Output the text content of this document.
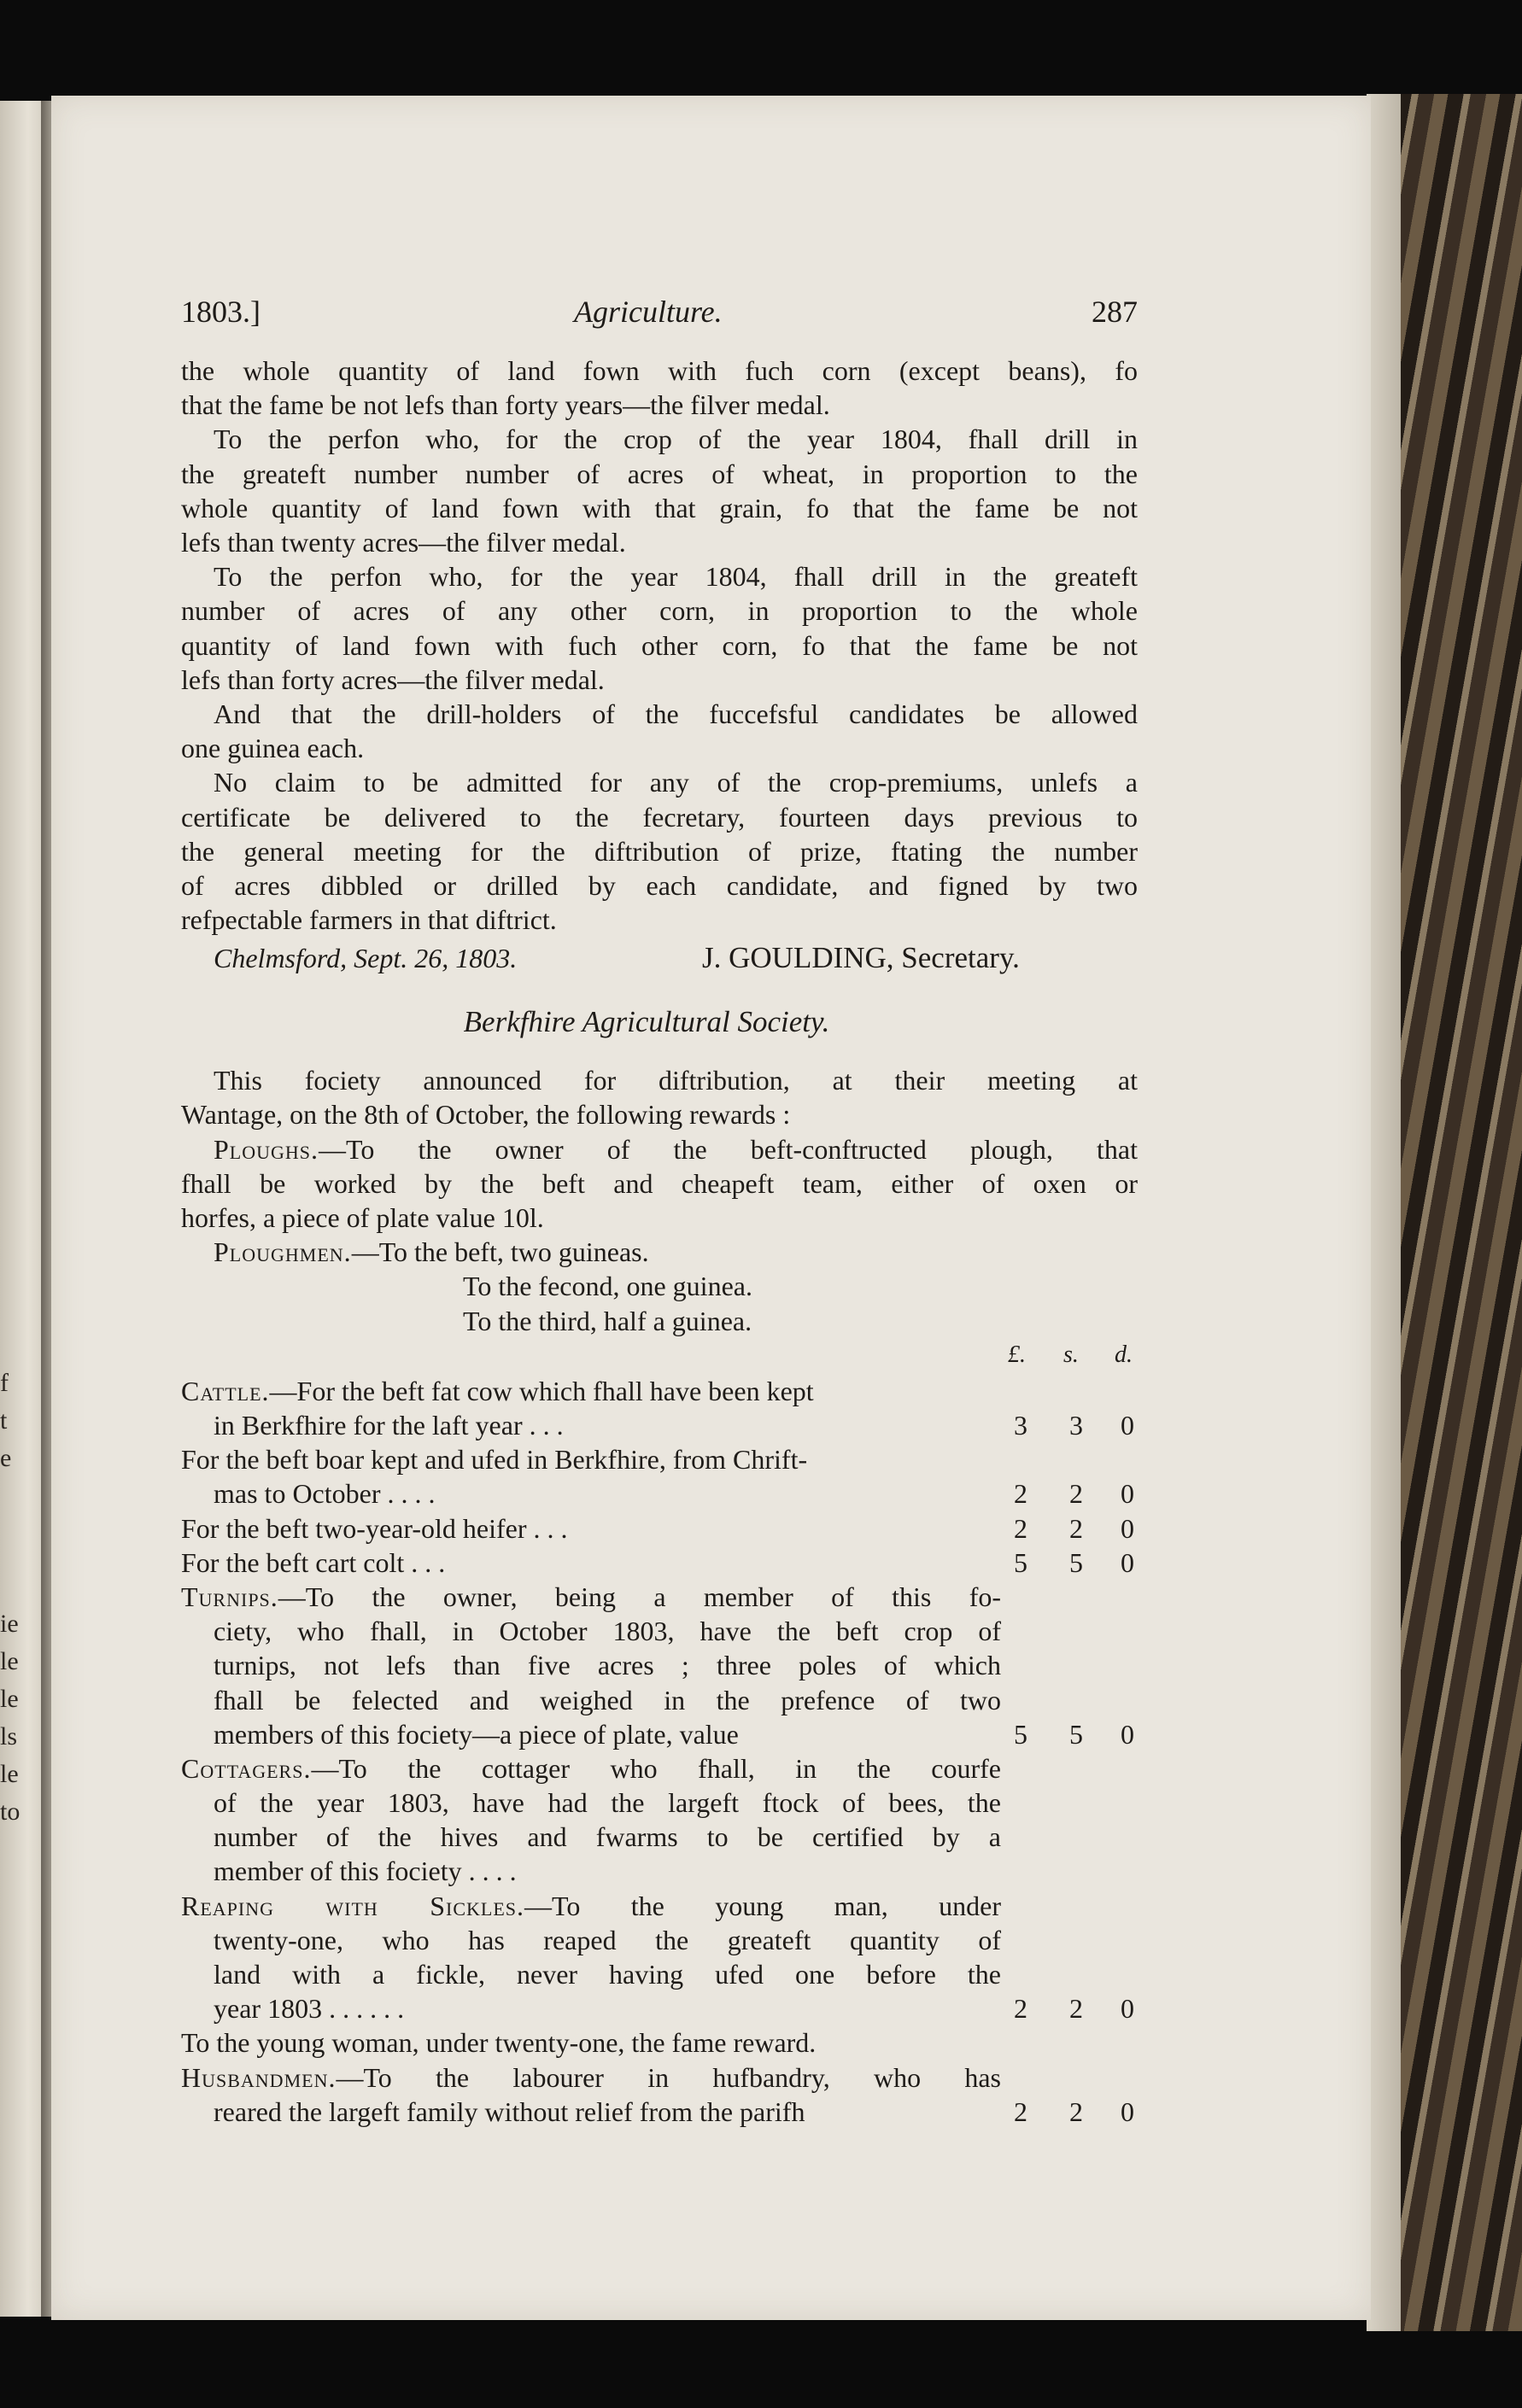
f
t
e
ie
le
le
ls
le
to
1803.]	Agriculture.	287
the whole quantity of land fown with fuch corn (except beans), fo
that the fame be not lefs than forty years—the filver medal.
To the perfon who, for the crop of the year 1804, fhall drill in
the greateft number number of acres of wheat, in proportion to the
whole quantity of land fown with that grain, fo that the fame be not
lefs than twenty acres—the filver medal.
To the perfon who, for the year 1804, fhall drill in the greateft
number of acres of any other corn, in proportion to the whole
quantity of land fown with fuch other corn, fo that the fame be not
lefs than forty acres—the filver medal.
And that the drill-holders of the fuccefsful candidates be allowed
one guinea each.
No claim to be admitted for any of the crop-premiums, unlefs a
certificate be delivered to the fecretary, fourteen days previous to
the general meeting for the diftribution of prize, ftating the number
of acres dibbled or drilled by each candidate, and figned by two
refpectable farmers in that diftrict.
Chelmsford, Sept. 26, 1803.	J. GOULDING, Secretary.
Berkfhire Agricultural Society.
This fociety announced for diftribution, at their meeting at
Wantage, on the 8th of October, the following rewards :
Ploughs.—To the owner of the beft-conftructed plough, that
fhall be worked by the beft and cheapeft team, either of oxen or
horfes, a piece of plate value 10l.
Ploughmen.—To the beft, two guineas.
To the fecond, one guinea.
To the third, half a guinea.
£. s. d.
Cattle.—For the beft fat cow which fhall have been kept
in Berkfhire for the laft year . . .	3 3 0
For the beft boar kept and ufed in Berkfhire, from Chrift-
mas to October . . . .	2 2 0
For the beft two-year-old heifer . . .	2 2 0
For the beft cart colt . . .	5 5 0
Turnips.—To the owner, being a member of this fo-
ciety, who fhall, in October 1803, have the beft crop of
turnips, not lefs than five acres ; three poles of which
fhall be felected and weighed in the prefence of two
members of this fociety—a piece of plate, value	5 5 0
Cottagers.—To the cottager who fhall, in the courfe
of the year 1803, have had the largeft ftock of bees, the
number of the hives and fwarms to be certified by a
member of this fociety . . . .
Reaping with Sickles.—To the young man, under
twenty-one, who has reaped the greateft quantity of
land with a fickle, never having ufed one before the
year 1803 . . . . . .	2 2 0
To the young woman, under twenty-one, the fame reward.
Husbandmen.—To the labourer in hufbandry, who has
reared the largeft family without relief from the parifh	2 2 0
